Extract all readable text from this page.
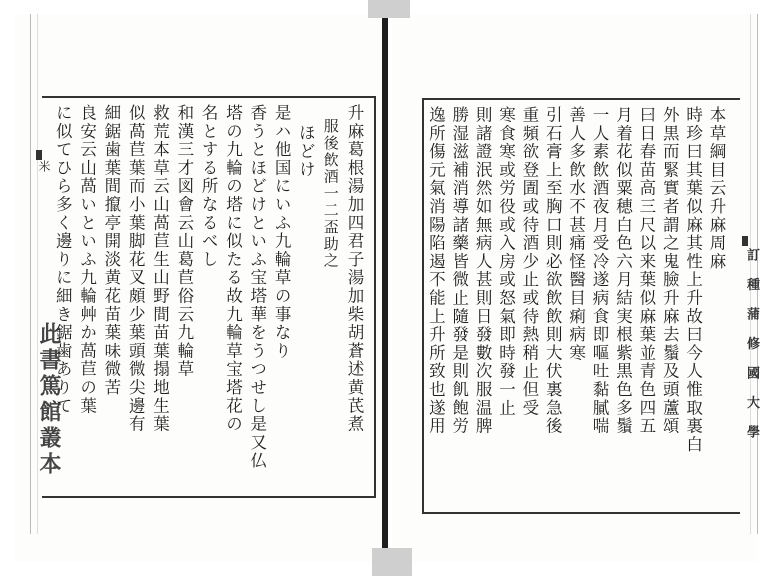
米
此書篤館叢本	訂 種 蒲 修 國 大 學
升麻葛根湯加四君子湯加柴胡蒼述黄芪煮
服後飲酒一二盃助之
ほどけ
是ハ他国にいふ九輪草の事なり
香うとほどけといふ宝塔華をうつせし是又仏
塔の九輪の塔に似たる故九輪草宝塔花の
名とする所なるべし
和漢三才図會云山葛苣俗云九輪草
救荒本草云山萵苣生山野間苗葉搨地生葉
似萵苣葉而小葉脚花叉頗少葉頭微尖邊有
細鋸歯葉間攛亭開淡黄花苗葉味微苦
良安云山萵いといふ九輪艸か萵苣の葉
に似てひら多く邊りに細き鋸歯ありて	本草綱目云升麻周麻
時珍曰其葉似麻其性上升故曰今人惟取裏白
外黒而緊實者謂之鬼臉升麻去鬚及頭蘆頌
曰日春苗高三尺以来葉似麻葉並青色四五
月着花似粟穂白色六月結実根紫黒色多鬚
一人素飲酒夜月受冷遂病食即嘔吐黏膩喘
善人多飲水不甚痛怪醫目痢病寒
引石膏上至胸口則必欲飲飲則大伏裏急後
重頻欲登圊或待酒少止或待熱稍止但受
寒食寒或労役或入房或怒氣即時發一止
則諸證泯然如無病人甚則日發數次服温脾
勝湿滋補消導諸藥皆微止隨發是則飢飽労
逸所傷元氣消陽陷遏不能上升所致也遂用
